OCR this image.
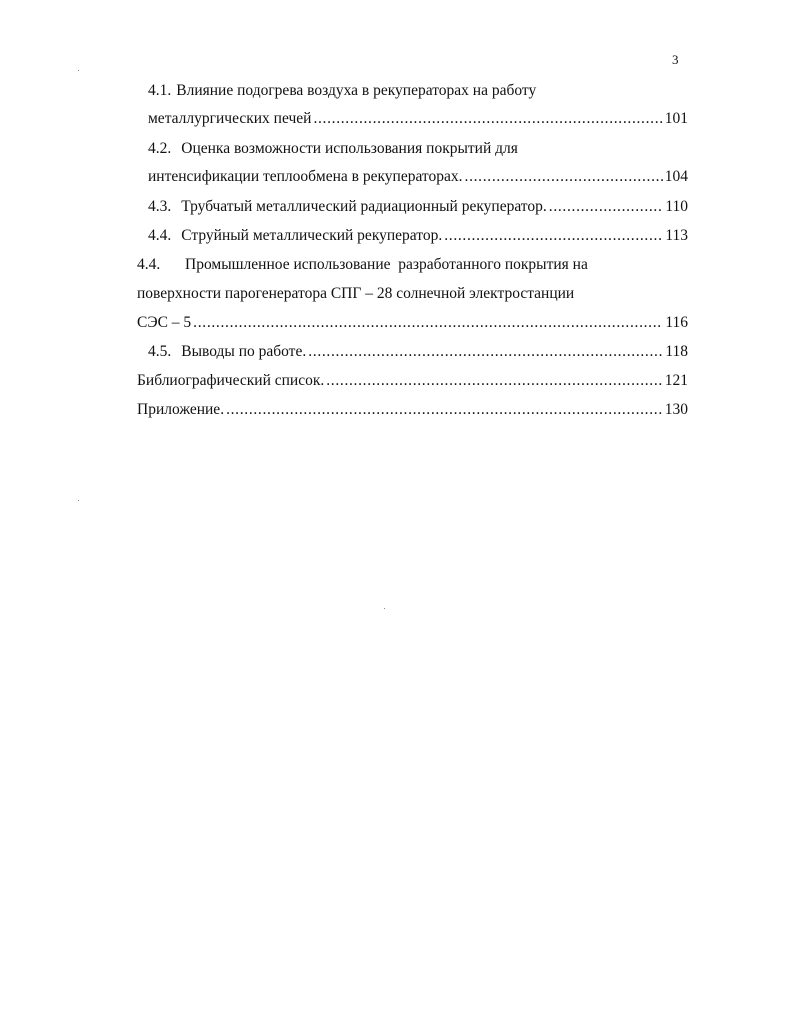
3
4.1. Влияние подогрева воздуха в рекуператорах на работу
металлургических печей . . .	101
4.2. Оценка возможности использования покрытий для
интенсификации теплообмена в рекуператорах. . . .	104
4.3. Трубчатый металлический радиационный рекуператор. . . .	110
4.4. Струйный металлический рекуператор. . . .	113
4.4.	Промышленное использование  разработанного покрытия на
поверхности парогенератора СПГ – 28 солнечной электростанции
СЭС – 5 . . .	116
4.5. Выводы по работе. . . .	118
Библиографический список. . . .	121
Приложение. . . .	130
